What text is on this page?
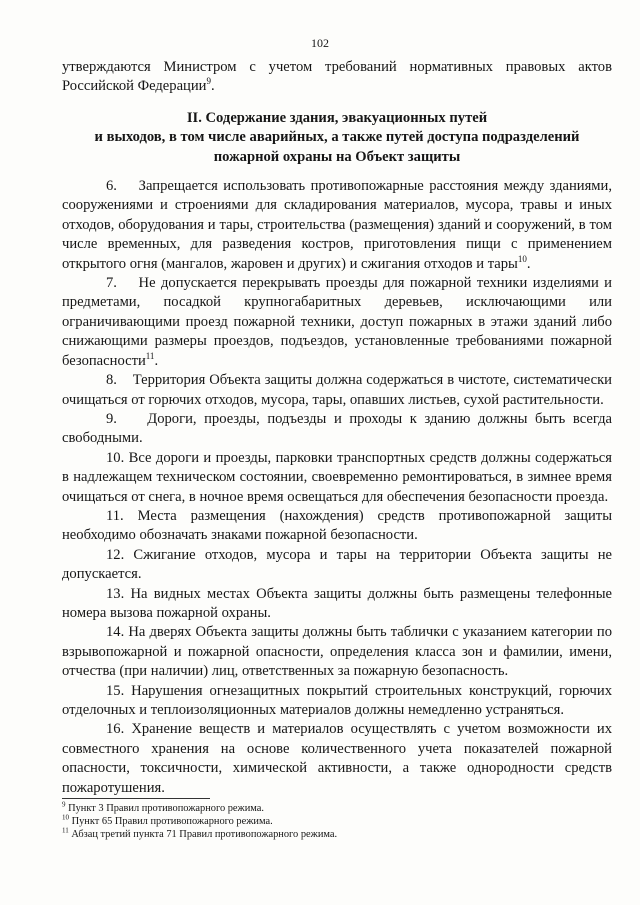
102

утверждаются Министром с учетом требований нормативных правовых актов Российской Федерации$^9$.

II. Содержание здания, эвакуационных путей
и выходов, в том числе аварийных, а также путей доступа подразделений
пожарной охраны на Объект защиты

6.    Запрещается использовать противопожарные расстояния между зданиями, сооружениями и строениями для складирования материалов, мусора, травы и иных отходов, оборудования и тары, строительства (размещения) зданий и сооружений, в том числе временных, для разведения костров, приготовления пищи с применением открытого огня (мангалов, жаровен и других) и сжигания отходов и тары$^{10}$.

7.    Не допускается перекрывать проезды для пожарной техники изделиями и предметами, посадкой крупногабаритных деревьев, исключающими или ограничивающими проезд пожарной техники, доступ пожарных в этажи зданий либо снижающими размеры проездов, подъездов, установленные требованиями пожарной безопасности$^{11}$.

8.    Территория Объекта защиты должна содержаться в чистоте, систематически очищаться от горючих отходов, мусора, тары, опавших листьев, сухой растительности.

9.    Дороги, проезды, подъезды и проходы к зданию должны быть всегда свободными.

10. Все дороги и проезды, парковки транспортных средств должны содержаться в надлежащем техническом состоянии, своевременно ремонтироваться, в зимнее время очищаться от снега, в ночное время освещаться для обеспечения безопасности проезда.

11. Места размещения (нахождения) средств противопожарной защиты необходимо обозначать знаками пожарной безопасности.

12. Сжигание отходов, мусора и тары на территории Объекта защиты не допускается.

13. На видных местах Объекта защиты должны быть размещены телефонные номера вызова пожарной охраны.

14. На дверях Объекта защиты должны быть таблички с указанием категории по взрывопожарной и пожарной опасности, определения класса зон и фамилии, имени, отчества (при наличии) лиц, ответственных за пожарную безопасность.

15. Нарушения огнезащитных покрытий строительных конструкций, горючих отделочных и теплоизоляционных материалов должны немедленно устраняться.

16. Хранение веществ и материалов осуществлять с учетом возможности их совместного хранения на основе количественного учета показателей пожарной опасности, токсичности, химической активности, а также однородности средств пожаротушения.

$^9$ Пункт 3 Правил противопожарного режима.
$^{10}$ Пункт 65 Правил противопожарного режима.
$^{11}$ Абзац третий пункта 71 Правил противопожарного режима.
